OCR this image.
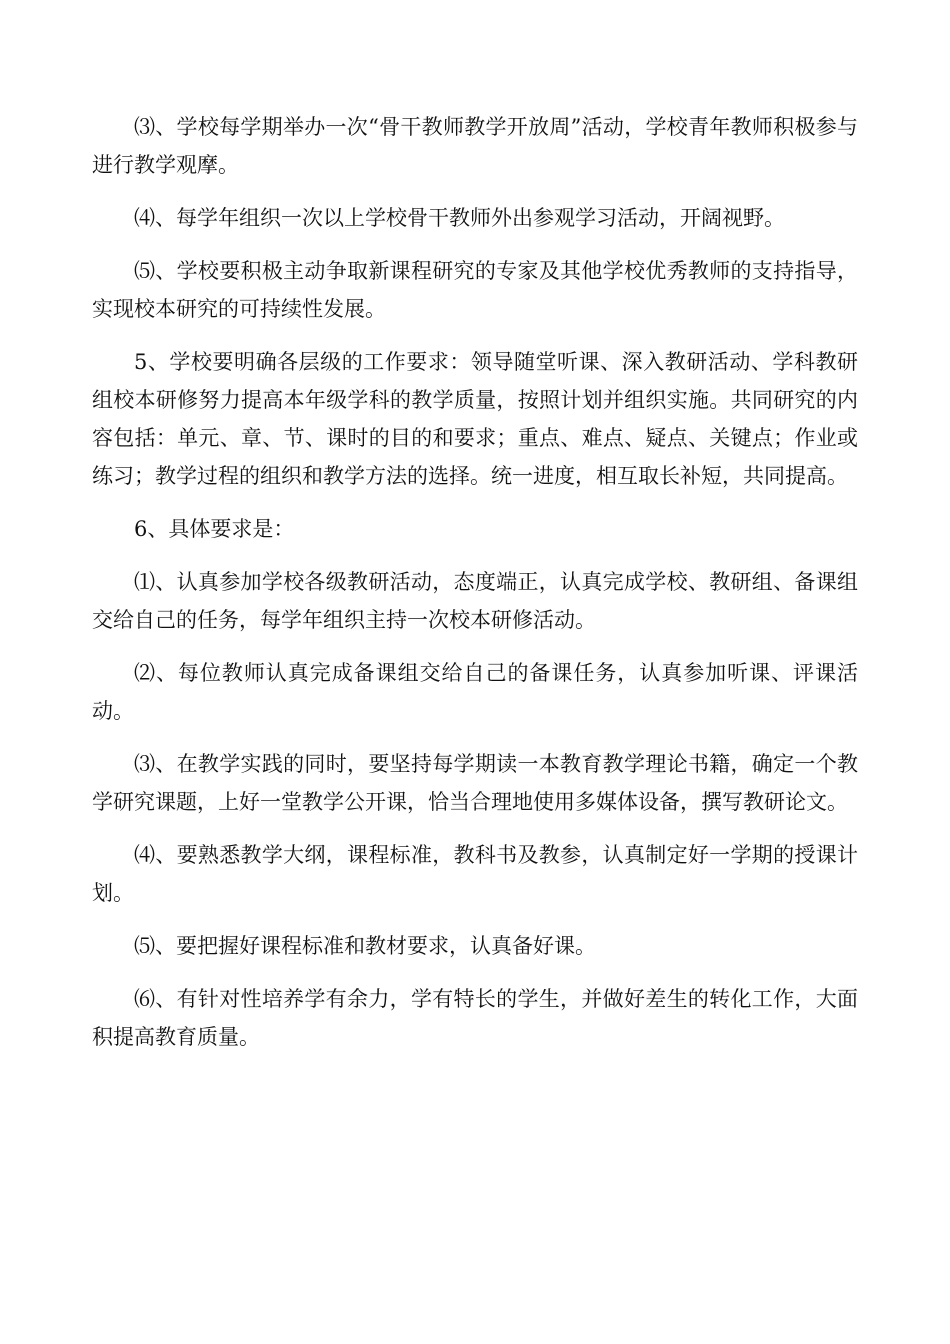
⑶、学校每学期举办一次“骨干教师教学开放周”活动，学校青年教师积极参与进行教学观摩。

⑷、每学年组织一次以上学校骨干教师外出参观学习活动，开阔视野。

⑸、学校要积极主动争取新课程研究的专家及其他学校优秀教师的支持指导，实现校本研究的可持续性发展。

5、学校要明确各层级的工作要求：领导随堂听课、深入教研活动、学科教研组校本研修努力提高本年级学科的教学质量，按照计划并组织实施。共同研究的内容包括：单元、章、节、课时的目的和要求；重点、难点、疑点、关键点；作业或练习；教学过程的组织和教学方法的选择。统一进度，相互取长补短，共同提高。

6、具体要求是：

⑴、认真参加学校各级教研活动，态度端正，认真完成学校、教研组、备课组交给自己的任务，每学年组织主持一次校本研修活动。

⑵、每位教师认真完成备课组交给自己的备课任务，认真参加听课、评课活动。

⑶、在教学实践的同时，要坚持每学期读一本教育教学理论书籍，确定一个教学研究课题，上好一堂教学公开课，恰当合理地使用多媒体设备，撰写教研论文。

⑷、要熟悉教学大纲，课程标准，教科书及教参，认真制定好一学期的授课计划。

⑸、要把握好课程标准和教材要求，认真备好课。

⑹、有针对性培养学有余力，学有特长的学生，并做好差生的转化工作，大面积提高教育质量。
